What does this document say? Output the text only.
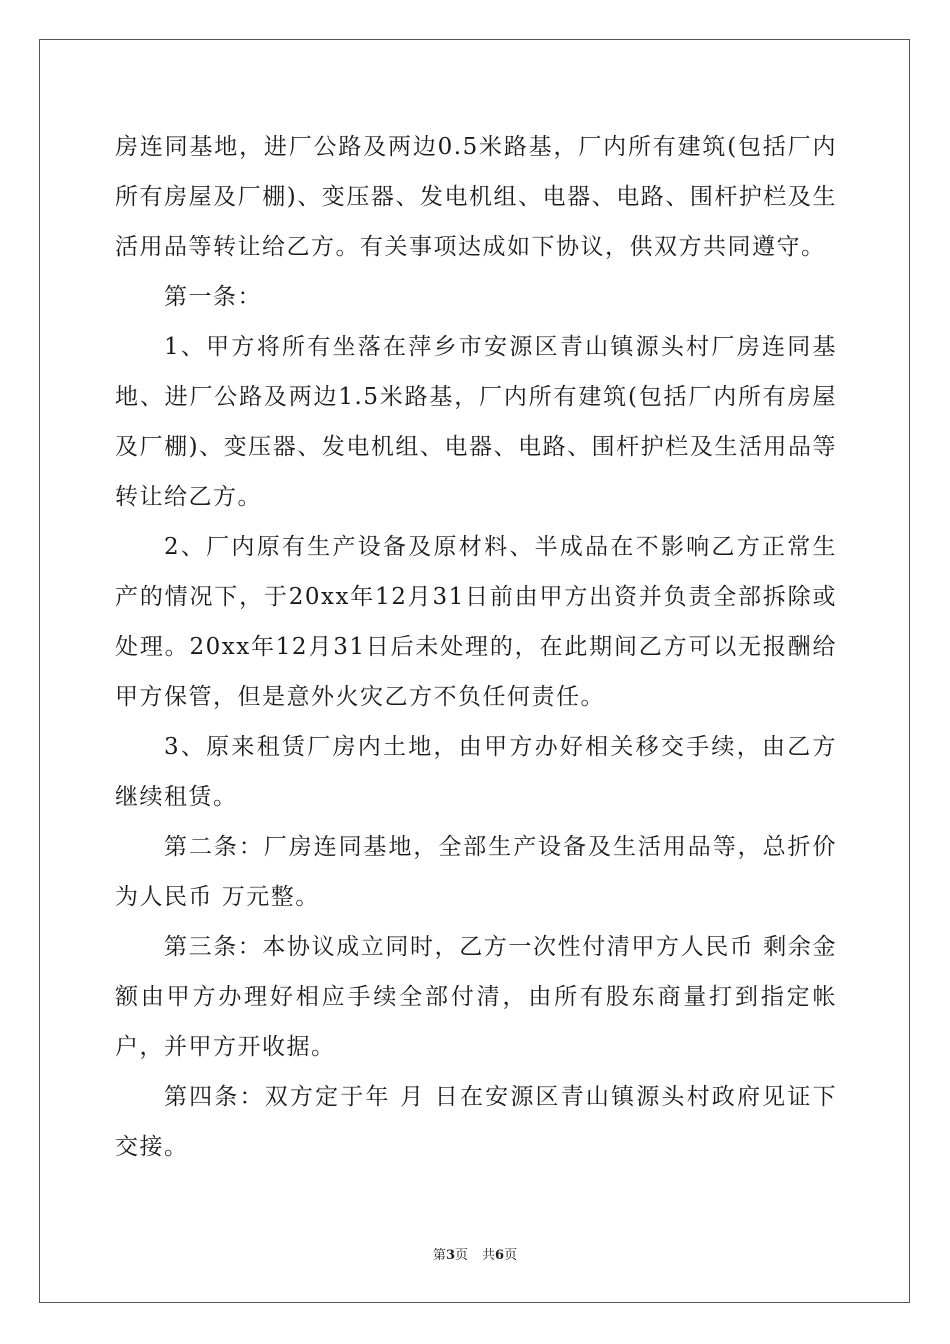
房连同基地，进厂公路及两边0.5米路基，厂内所有建筑(包括厂内所有房屋及厂棚)、变压器、发电机组、电器、电路、围杆护栏及生活用品等转让给乙方。有关事项达成如下协议，供双方共同遵守。

第一条：

1、甲方将所有坐落在萍乡市安源区青山镇源头村厂房连同基地、进厂公路及两边1.5米路基，厂内所有建筑(包括厂内所有房屋及厂棚)、变压器、发电机组、电器、电路、围杆护栏及生活用品等转让给乙方。

2、厂内原有生产设备及原材料、半成品在不影响乙方正常生产的情况下，于20xx年12月31日前由甲方出资并负责全部拆除或处理。20xx年12月31日后未处理的，在此期间乙方可以无报酬给甲方保管，但是意外火灾乙方不负任何责任。

3、原来租赁厂房内土地，由甲方办好相关移交手续，由乙方继续租赁。

第二条：厂房连同基地，全部生产设备及生活用品等，总折价为人民币 万元整。

第三条：本协议成立同时，乙方一次性付清甲方人民币 剩余金额由甲方办理好相应手续全部付清，由所有股东商量打到指定帐户，并甲方开收据。

第四条：双方定于年 月 日在安源区青山镇源头村政府见证下交接。

第3页 共6页
